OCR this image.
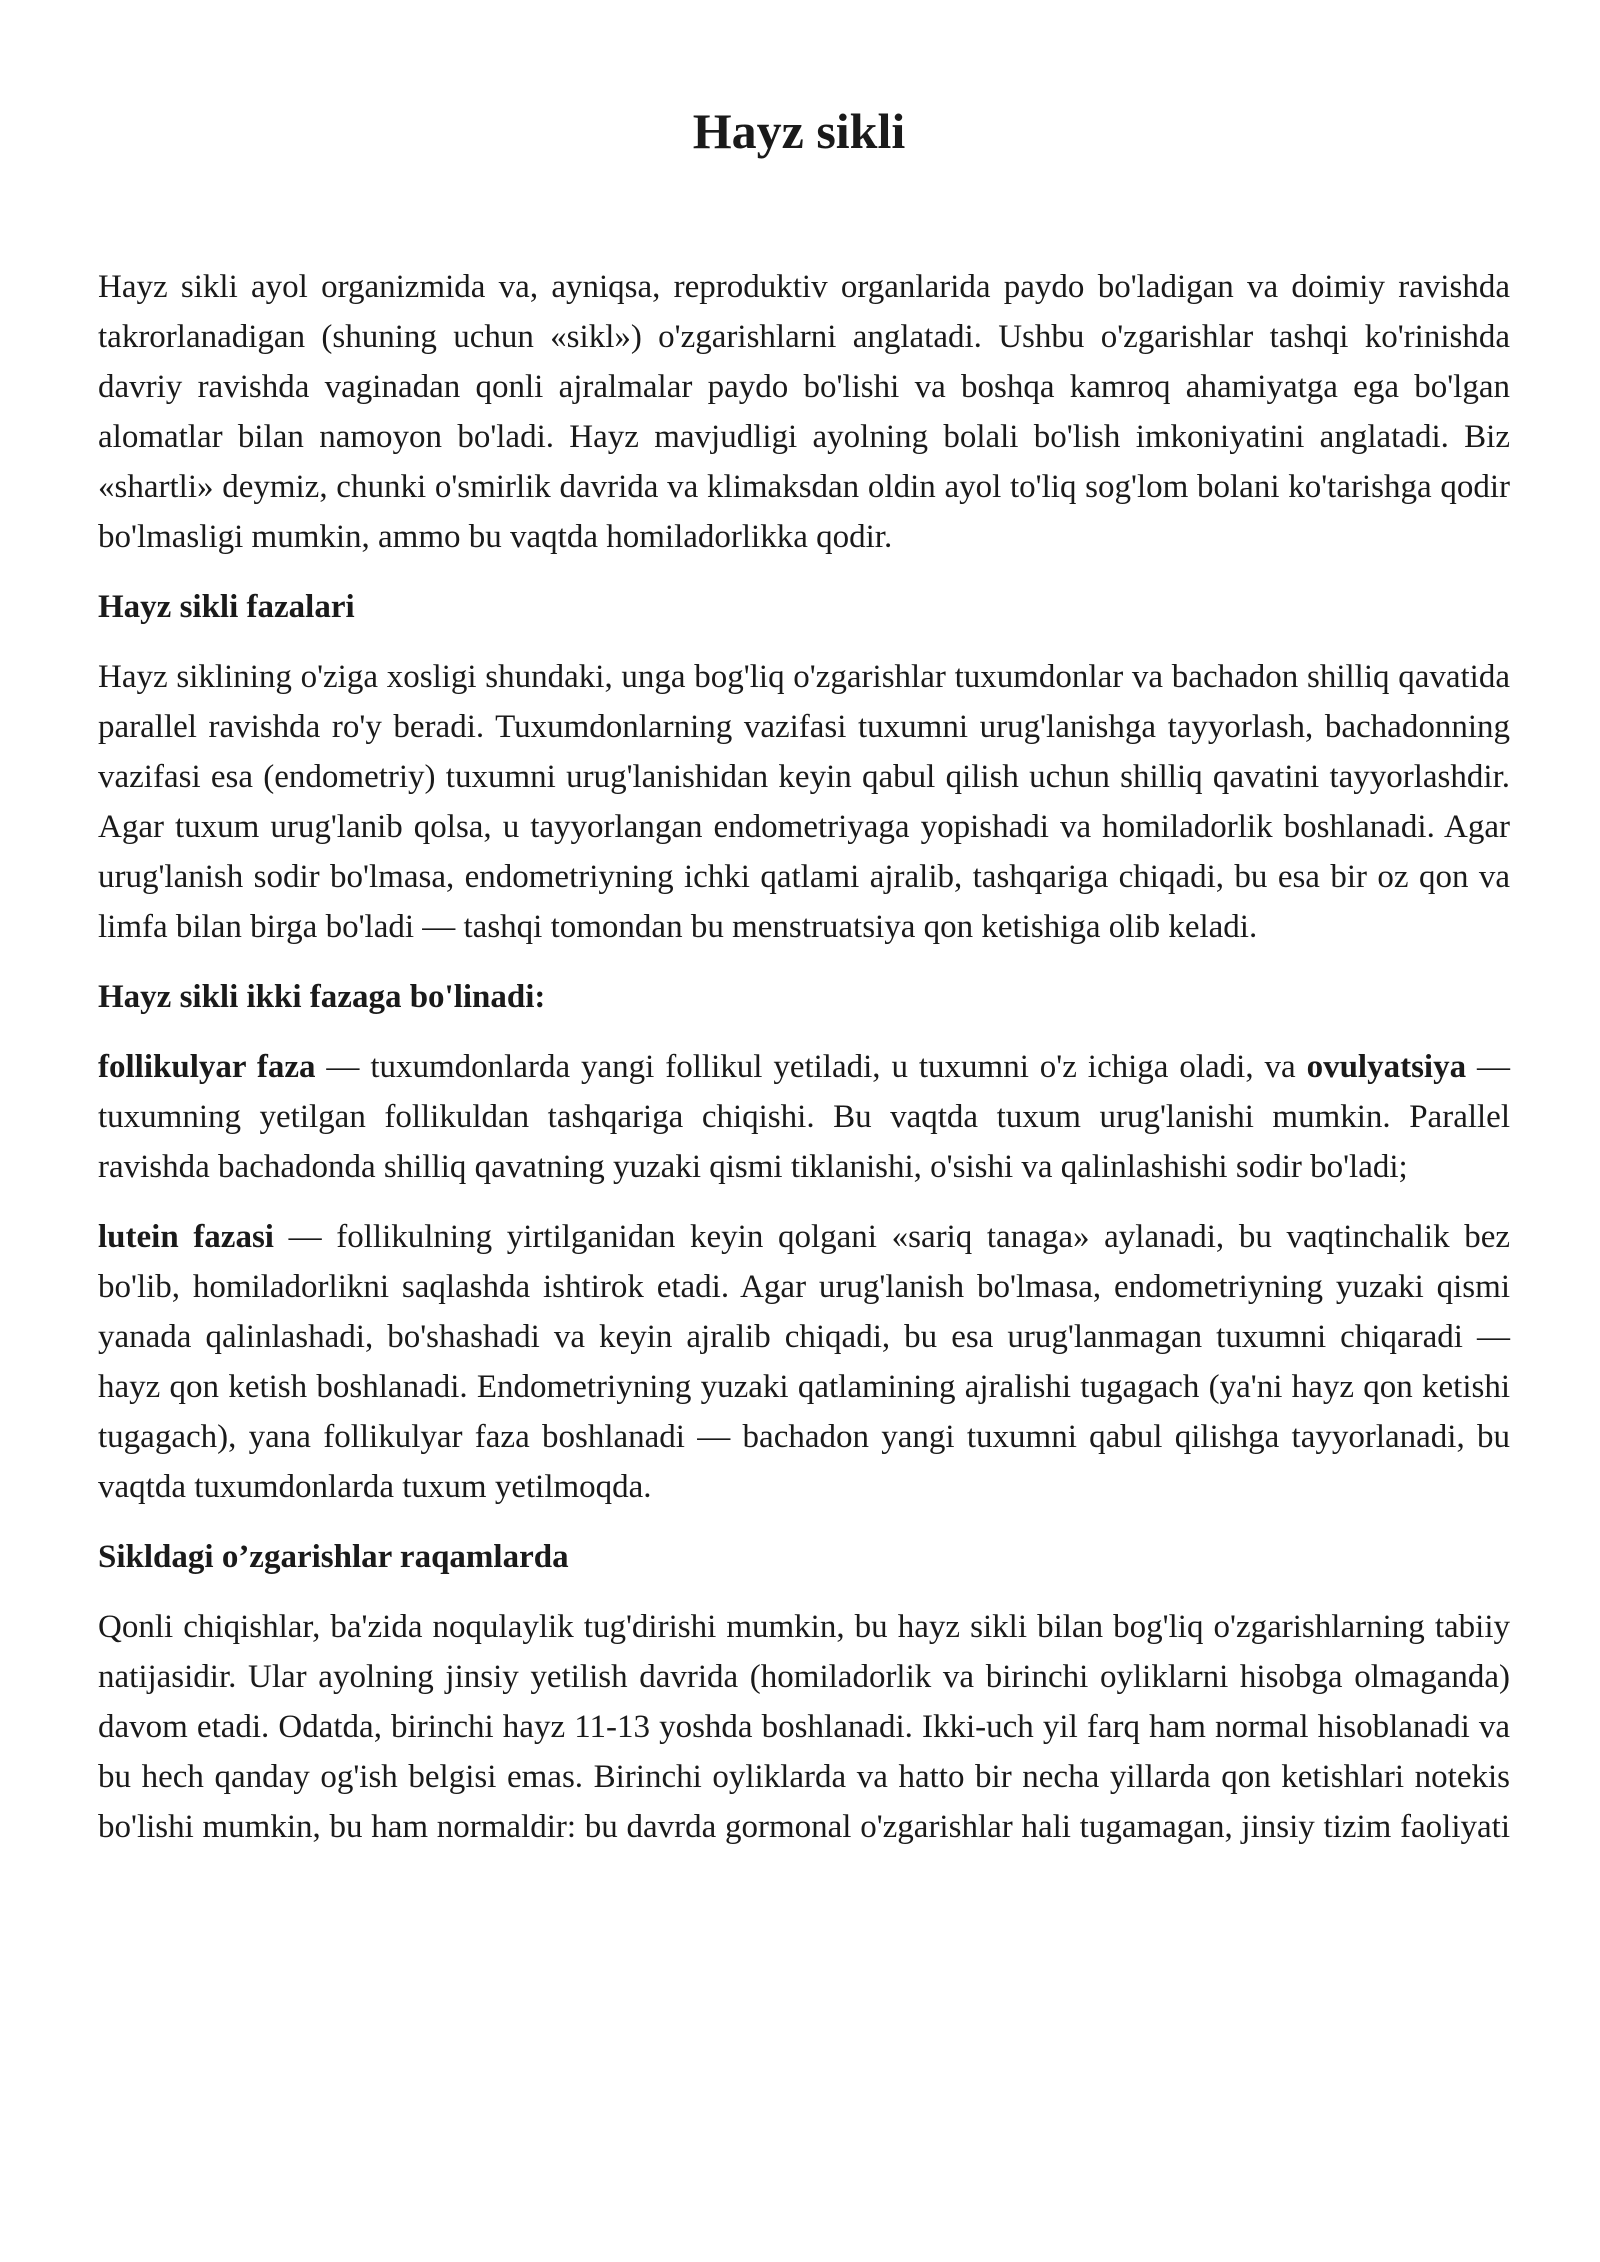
Hayz sikli

Hayz sikli ayol organizmida va, ayniqsa, reproduktiv organlarida paydo bo'ladigan va doimiy ravishda takrorlanadigan (shuning uchun «sikl») o'zgarishlarni anglatadi. Ushbu o'zgarishlar tashqi ko'rinishda davriy ravishda vaginadan qonli ajralmalar paydo bo'lishi va boshqa kamroq ahamiyatga ega bo'lgan alomatlar bilan namoyon bo'ladi. Hayz mavjudligi ayolning bolali bo'lish imkoniyatini anglatadi. Biz «shartli» deymiz, chunki o'smirlik davrida va klimaksdan oldin ayol to'liq sog'lom bolani ko'tarishga qodir bo'lmasligi mumkin, ammo bu vaqtda homiladorlikka qodir.

Hayz sikli fazalari

Hayz siklining o'ziga xosligi shundaki, unga bog'liq o'zgarishlar tuxumdonlar va bachadon shilliq qavatida parallel ravishda ro'y beradi. Tuxumdonlarning vazifasi tuxumni urug'lanishga tayyorlash, bachadonning vazifasi esa (endometriy) tuxumni urug'lanishidan keyin qabul qilish uchun shilliq qavatini tayyorlashdir. Agar tuxum urug'lanib qolsa, u tayyorlangan endometriyaga yopishadi va homiladorlik boshlanadi. Agar urug'lanish sodir bo'lmasa, endometriyning ichki qatlami ajralib, tashqariga chiqadi, bu esa bir oz qon va limfa bilan birga bo'ladi — tashqi tomondan bu menstruatsiya qon ketishiga olib keladi.

Hayz sikli ikki fazaga bo'linadi:

follikulyar faza — tuxumdonlarda yangi follikul yetiladi, u tuxumni o'z ichiga oladi, va ovulyatsiya — tuxumning yetilgan follikuldan tashqariga chiqishi. Bu vaqtda tuxum urug'lanishi mumkin. Parallel ravishda bachadonda shilliq qavatning yuzaki qismi tiklanishi, o'sishi va qalinlashishi sodir bo'ladi;

lutein fazasi — follikulning yirtilganidan keyin qolgani «sariq tanaga» aylanadi, bu vaqtinchalik bez bo'lib, homiladorlikni saqlashda ishtirok etadi. Agar urug'lanish bo'lmasa, endometriyning yuzaki qismi yanada qalinlashadi, bo'shashadi va keyin ajralib chiqadi, bu esa urug'lanmagan tuxumni chiqaradi — hayz qon ketish boshlanadi. Endometriyning yuzaki qatlamining ajralishi tugagach (ya'ni hayz qon ketishi tugagach), yana follikulyar faza boshlanadi — bachadon yangi tuxumni qabul qilishga tayyorlanadi, bu vaqtda tuxumdonlarda tuxum yetilmoqda.

Sikldagi o’zgarishlar raqamlarda

Qonli chiqishlar, ba'zida noqulaylik tug'dirishi mumkin, bu hayz sikli bilan bog'liq o'zgarishlarning tabiiy natijasidir. Ular ayolning jinsiy yetilish davrida (homiladorlik va birinchi oyliklarni hisobga olmaganda) davom etadi. Odatda, birinchi hayz 11-13 yoshda boshlanadi. Ikki-uch yil farq ham normal hisoblanadi va bu hech qanday og'ish belgisi emas. Birinchi oyliklarda va hatto bir necha yillarda qon ketishlari notekis bo'lishi mumkin, bu ham normaldir: bu davrda gormonal o'zgarishlar hali tugamagan, jinsiy tizim faoliyati
